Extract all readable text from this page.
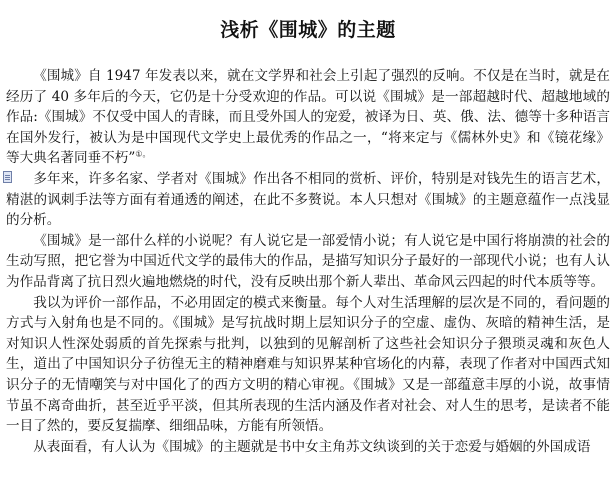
浅析《围城》的主题

《围城》自 1947 年发表以来，就在文学界和社会上引起了强烈的反响。不仅是在当时，就是在经历了 40 多年后的今天，它仍是十分受欢迎的作品。可以说《围城》是一部超越时代、超越地域的作品:《围城》不仅受中国人的青睐，而且受外国人的宠爱，被译为日、英、俄、法、德等十多种语言在国外发行，被认为是中国现代文学史上最优秀的作品之一，“将来定与《儒林外史》和《镜花缘》等大典名著同垂不朽”①。

多年来，许多名家、学者对《围城》作出各不相同的赏析、评价，特别是对钱先生的语言艺术，精湛的讽刺手法等方面有着通透的阐述，在此不多赘说。本人只想对《围城》的主题意蕴作一点浅显的分析。

《围城》是一部什么样的小说呢？有人说它是一部爱情小说；有人说它是中国行将崩溃的社会的生动写照，把它誉为中国近代文学的最伟大的作品，是描写知识分子最好的一部现代小说；也有人认为作品背离了抗日烈火遍地燃烧的时代，没有反映出那个新人辈出、革命风云四起的时代本质等等。

我以为评价一部作品，不必用固定的模式来衡量。每个人对生活理解的层次是不同的，看问题的方式与入射角也是不同的。《围城》是写抗战时期上层知识分子的空虚、虚伪、灰暗的精神生活，是对知识人性深处弱质的首先探索与批判，以独到的见解剖析了这些社会知识分子猥琐灵魂和灰色人生，道出了中国知识分子彷徨无主的精神磨难与知识界某种官场化的内幕，表现了作者对中国西式知识分子的无情嘲笑与对中国化了的西方文明的精心审视。《围城》又是一部蕴意丰厚的小说，故事情节虽不离奇曲折，甚至近乎平淡，但其所表现的生活内涵及作者对社会、对人生的思考，是读者不能一目了然的，要反复揣摩、细细品味，方能有所领悟。

从表面看，有人认为《围城》的主题就是书中女主角苏文纨谈到的关于恋爱与婚姻的外国成语
